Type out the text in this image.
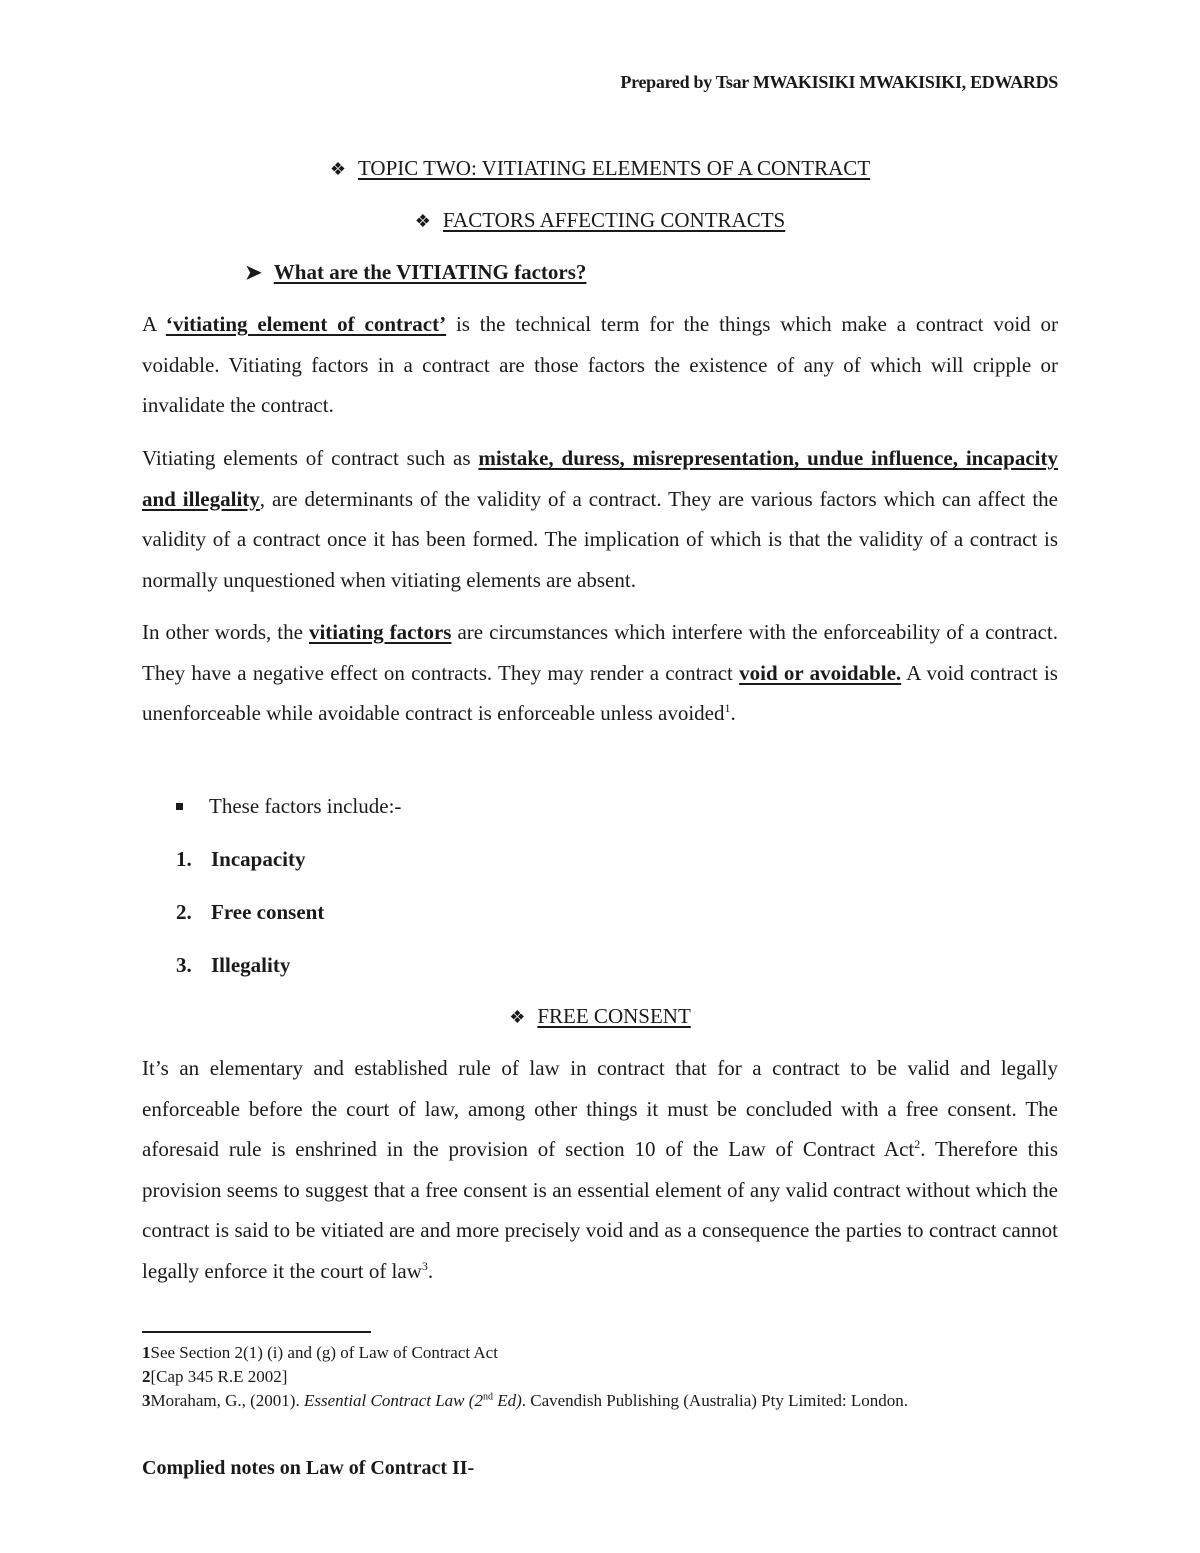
Prepared by Tsar MWAKISIKI MWAKISIKI, EDWARDS
❖ TOPIC TWO: VITIATING ELEMENTS OF A CONTRACT
❖ FACTORS AFFECTING CONTRACTS
➤ What are the VITIATING factors?

A ‘vitiating element of contract’ is the technical term for the things which make a contract void or voidable. Vitiating factors in a contract are those factors the existence of any of which will cripple or invalidate the contract.

Vitiating elements of contract such as mistake, duress, misrepresentation, undue influence, incapacity and illegality, are determinants of the validity of a contract. They are various factors which can affect the validity of a contract once it has been formed. The implication of which is that the validity of a contract is normally unquestioned when vitiating elements are absent.

In other words, the vitiating factors are circumstances which interfere with the enforceability of a contract. They have a negative effect on contracts. They may render a contract void or avoidable. A void contract is unenforceable while avoidable contract is enforceable unless avoided$^1$.

These factors include:-
1. Incapacity
2. Free consent
3. Illegality
❖ FREE CONSENT

It’s an elementary and established rule of law in contract that for a contract to be valid and legally enforceable before the court of law, among other things it must be concluded with a free consent. The aforesaid rule is enshrined in the provision of section 10 of the Law of Contract Act$^2$. Therefore this provision seems to suggest that a free consent is an essential element of any valid contract without which the contract is said to be vitiated are and more precisely void and as a consequence the parties to contract cannot legally enforce it the court of law$^3$.

1See Section 2(1) (i) and (g) of Law of Contract Act
2[Cap 345 R.E 2002]
3Moraham, G., (2001). Essential Contract Law (2nd Ed). Cavendish Publishing (Australia) Pty Limited: London.
Complied notes on Law of Contract II-
